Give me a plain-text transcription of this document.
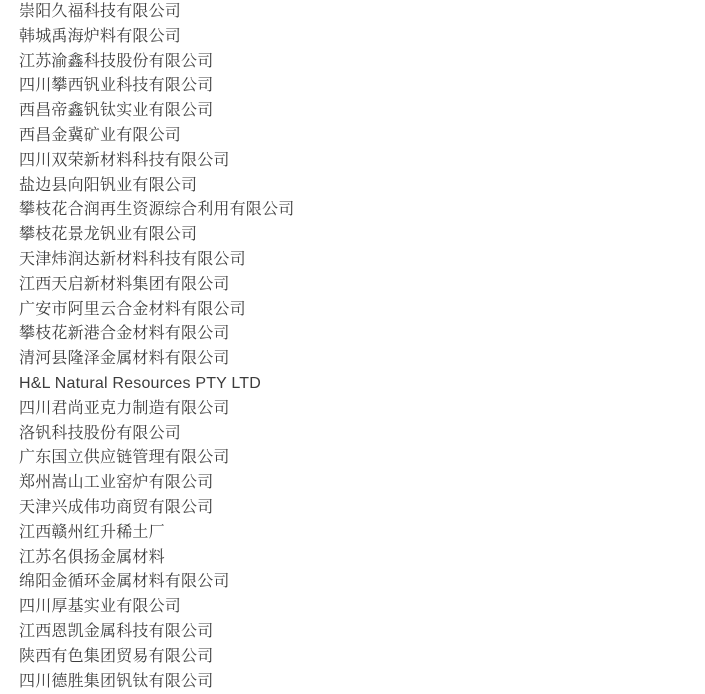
崇阳久福科技有限公司
韩城禹海炉料有限公司
江苏渝鑫科技股份有限公司
四川攀西钒业科技有限公司
西昌帝鑫钒钛实业有限公司
西昌金冀矿业有限公司
四川双荣新材料科技有限公司
盐边县向阳钒业有限公司
攀枝花合润再生资源综合利用有限公司
攀枝花景龙钒业有限公司
天津炜润达新材料科技有限公司
江西天启新材料集团有限公司
广安市阿里云合金材料有限公司
攀枝花新港合金材料有限公司
清河县隆泽金属材料有限公司
H&L Natural Resources PTY LTD
四川君尚亚克力制造有限公司
洛钒科技股份有限公司
广东国立供应链管理有限公司
郑州嵩山工业窑炉有限公司
天津兴成伟功商贸有限公司
江西赣州红升稀土厂
江苏名俱扬金属材料
绵阳金循环金属材料有限公司
四川厚基实业有限公司
江西恩凯金属科技有限公司
陕西有色集团贸易有限公司
四川德胜集团钒钛有限公司
